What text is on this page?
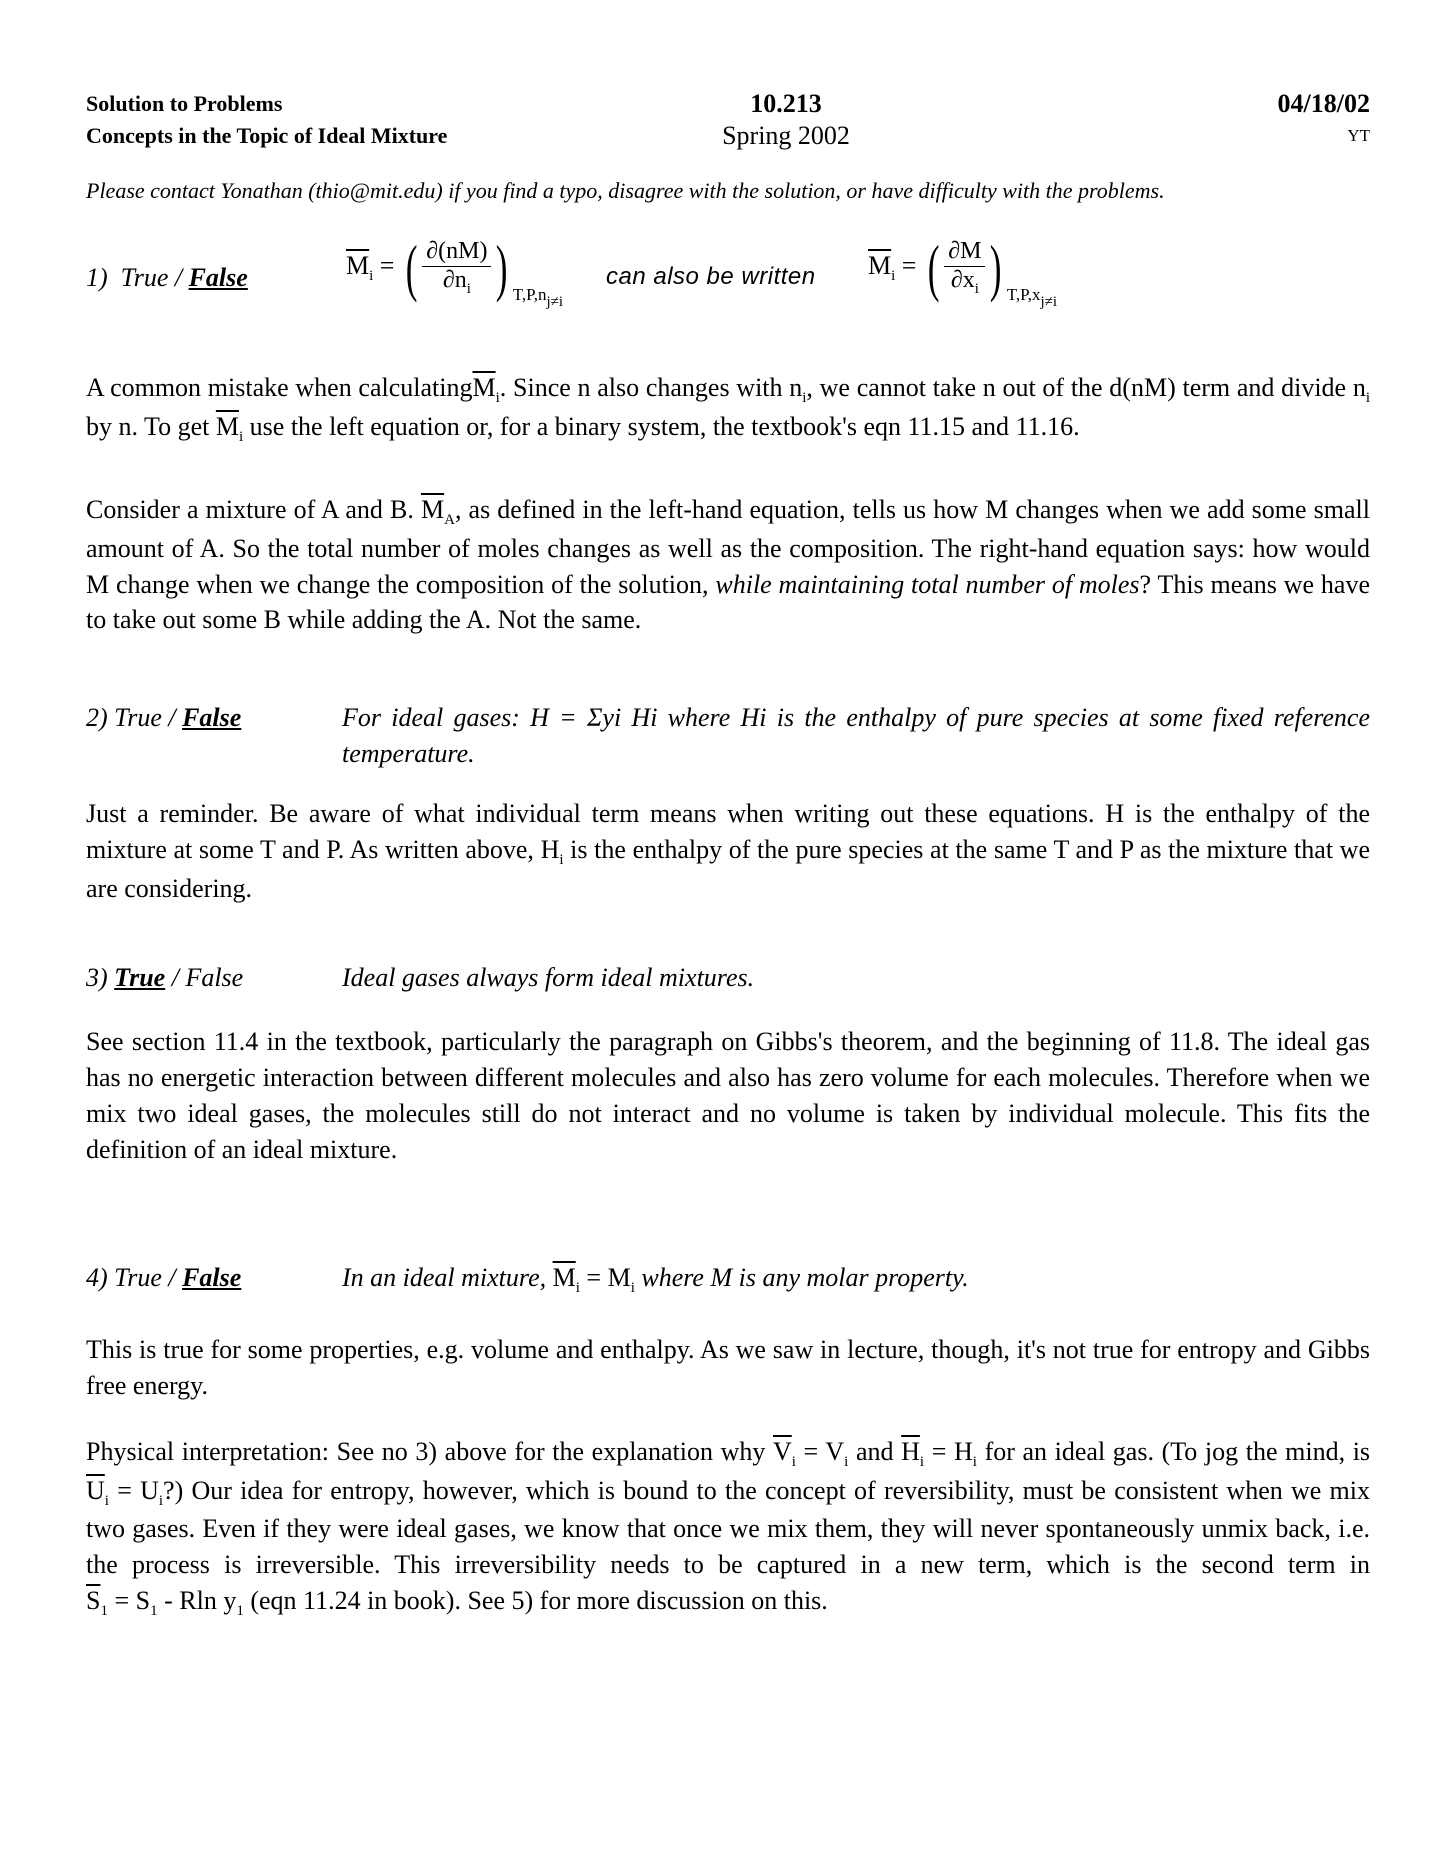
Solution to Problems
Concepts in the Topic of Ideal Mixture
10.213
Spring 2002
04/18/02
YT
Please contact Yonathan (thio@mit.edu) if you find a typo, disagree with the solution, or have difficulty with the problems.
1) True / False	$\overline{M}_i$ = ( $\frac{\partial(nM)}{\partial n_i}$ ) $_{T,P,nj\ne i}$
can also be written $\overline{M}_i$ = ( $\frac{\partial M}{\partial x_i}$ ) $_{T,P,xj\ne i}$
A common mistake when $calculating\overline{M}_i$. Since n also changes with $n_i$, we cannot take n out of the d(nM) term and divide $n_i$ by n. To get $\overline{M}_i$ use the left equation or, for a binary system, the textbook's eqn 11.15 and 11.16.
Consider a mixture of A and B. $\overline{M}_A$, as defined in the left-hand equation, tells us how M changes when we add some small amount of A. So the total number of moles changes as well as the composition. The right-hand equation says: how would M change when we change the composition of the solution, while maintaining total number of moles? This means we have to take out some B while adding the A. Not the same.
2) True / False	For ideal gases: H = Σyi Hi where Hi is the enthalpy of pure species at some fixed reference temperature.
Just a reminder. Be aware of what individual term means when writing out these equations. H is the enthalpy of the mixture at some T and P. As written above, $H_i$ is the enthalpy of the pure species at the same T and P as the mixture that we are considering.
3) True / False	Ideal gases always form ideal mixtures.
See section 11.4 in the textbook, particularly the paragraph on Gibbs's theorem, and the beginning of 11.8. The ideal gas has no energetic interaction between different molecules and also has zero volume for each molecules. Therefore when we mix two ideal gases, the molecules still do not interact and no volume is taken by individual molecule. This fits the definition of an ideal mixture.
4) True / False	In an ideal mixture, $\overline{M}_i = M_i$ where M is any molar property.
This is true for some properties, e.g. volume and enthalpy. As we saw in lecture, though, it's not true for entropy and Gibbs free energy.
Physical interpretation: See no 3) above for the explanation why $\overline{V}_i = V_i$ and $\overline{H}_i = H_i$ for an ideal gas. (To jog the mind, is $\overline{U}_i$ = $U_i$?) Our idea for entropy, however, which is bound to the concept of reversibility, must be consistent when we mix two gases. Even if they were ideal gases, we know that once we mix them, they will never spontaneously unmix back, i.e. the process is irreversible. This irreversibility needs to be captured in a new term, which is the second term in $\overline{S}_1 = S_1 - Rln$ $y_1$ (eqn 11.24 in book). See 5) for more discussion on this.
